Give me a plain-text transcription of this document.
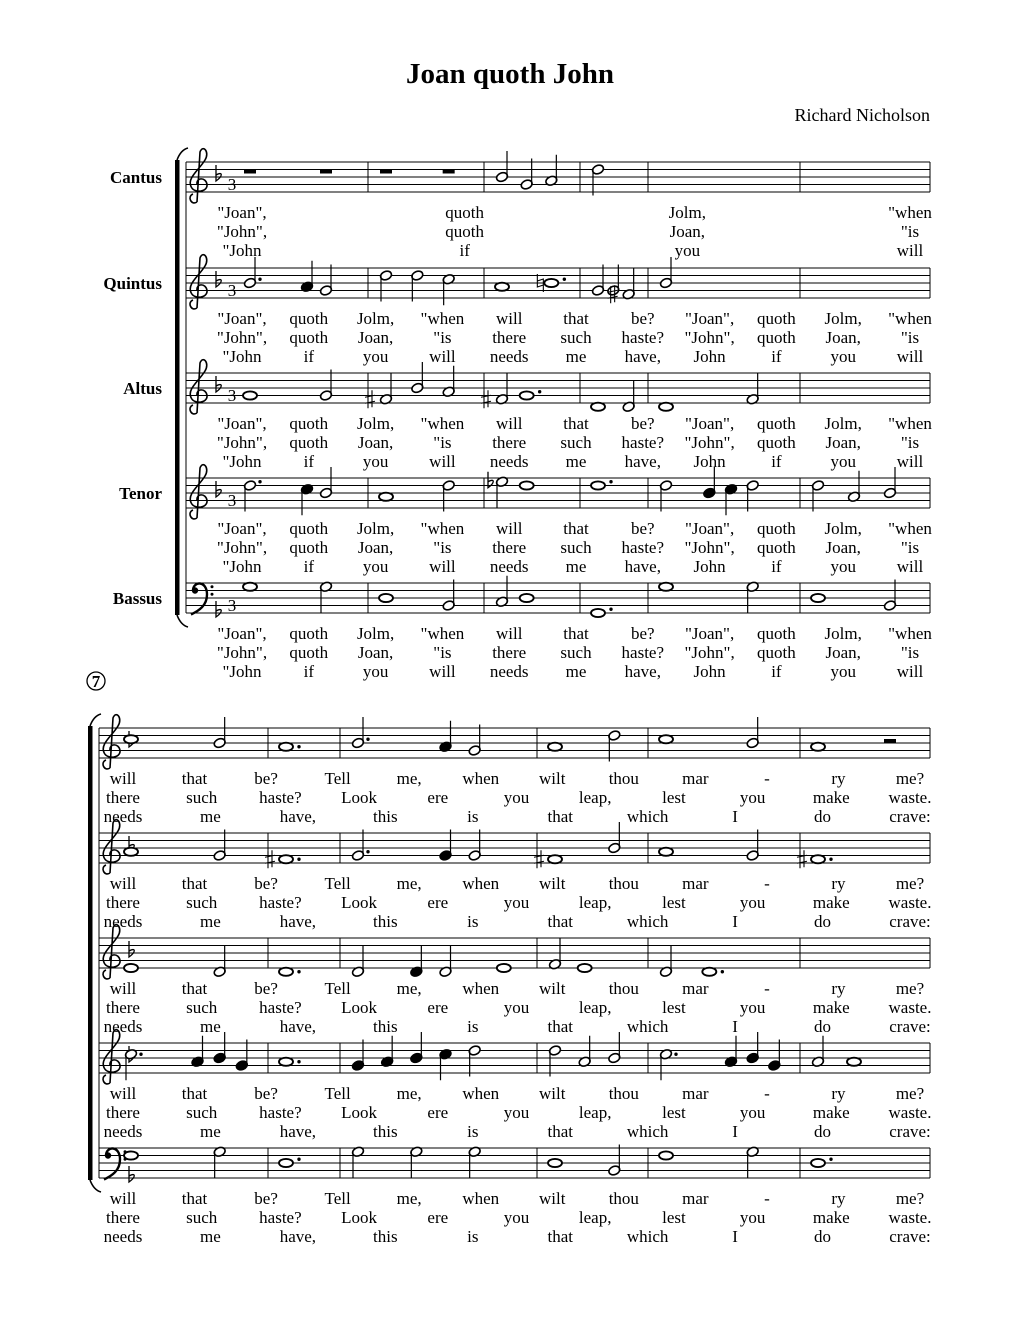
Joan quoth John
Richard Nicholson
Cantus	3
"Joan",	quoth	Jolm,	"when
"John",	quoth	Joan,	"is
"John	if	you	will
Quintus	3
"Joan", quoth Jolm, "when will that be? "Joan", quoth Jolm, "when
"John", quoth Joan, "is there such haste? "John", quoth Joan, "is
"John if	you will needs me have, John	if	you will
Altus	3
"Joan", quoth Jolm, "when will that be? "Joan", quoth Jolm, "when
"John", quoth Joan, "is there such haste? "John", quoth Joan, "is
"John if	you will needs me have, John	if	you will
Tenor	3
"Joan", quoth Jolm, "when will that be? "Joan", quoth Jolm, "when
"John", quoth Joan, "is there such haste? "John", quoth Joan, "is
"John if	you will needs me have, John	if	you will
Bassus	3
"Joan", quoth Jolm, "when will that be? "Joan", quoth Jolm, "when
"John", quoth Joan, "is there such haste? "John", quoth Joan, "is
"John if	you will needs me have, John	if	you will
7
will	that	be?	Tell	me, when wilt	thou	mar	-	ry	me?
there	such haste? Look	ere	you	leap,	lest	you	make waste.
needs	me	have,	this	is	that	which	I	do	crave:
will	that	be?	Tell	me, when wilt	thou	mar	-	ry	me?
there	such haste? Look	ere	you	leap,	lest	you	make waste.
needs	me	have,	this	is	that	which	I	do	crave:
will	that	be?	Tell	me, when wilt	thou	mar	-	ry	me?
there	such haste? Look	ere	you	leap,	lest	you	make waste.
needs	me	have,	this	is	that	which	I	do	crave:
will	that	be?	Tell	me, when wilt	thou	mar	-	ry	me?
there	such haste? Look	ere	you	leap,	lest	you	make waste.
needs	me	have,	this	is	that	which	I	do	crave:
will	that	be?	Tell	me, when wilt	thou	mar	-	ry	me?
there	such haste? Look	ere	you	leap,	lest	you	make waste.
needs	me	have,	this	is	that	which	I	do	crave:
